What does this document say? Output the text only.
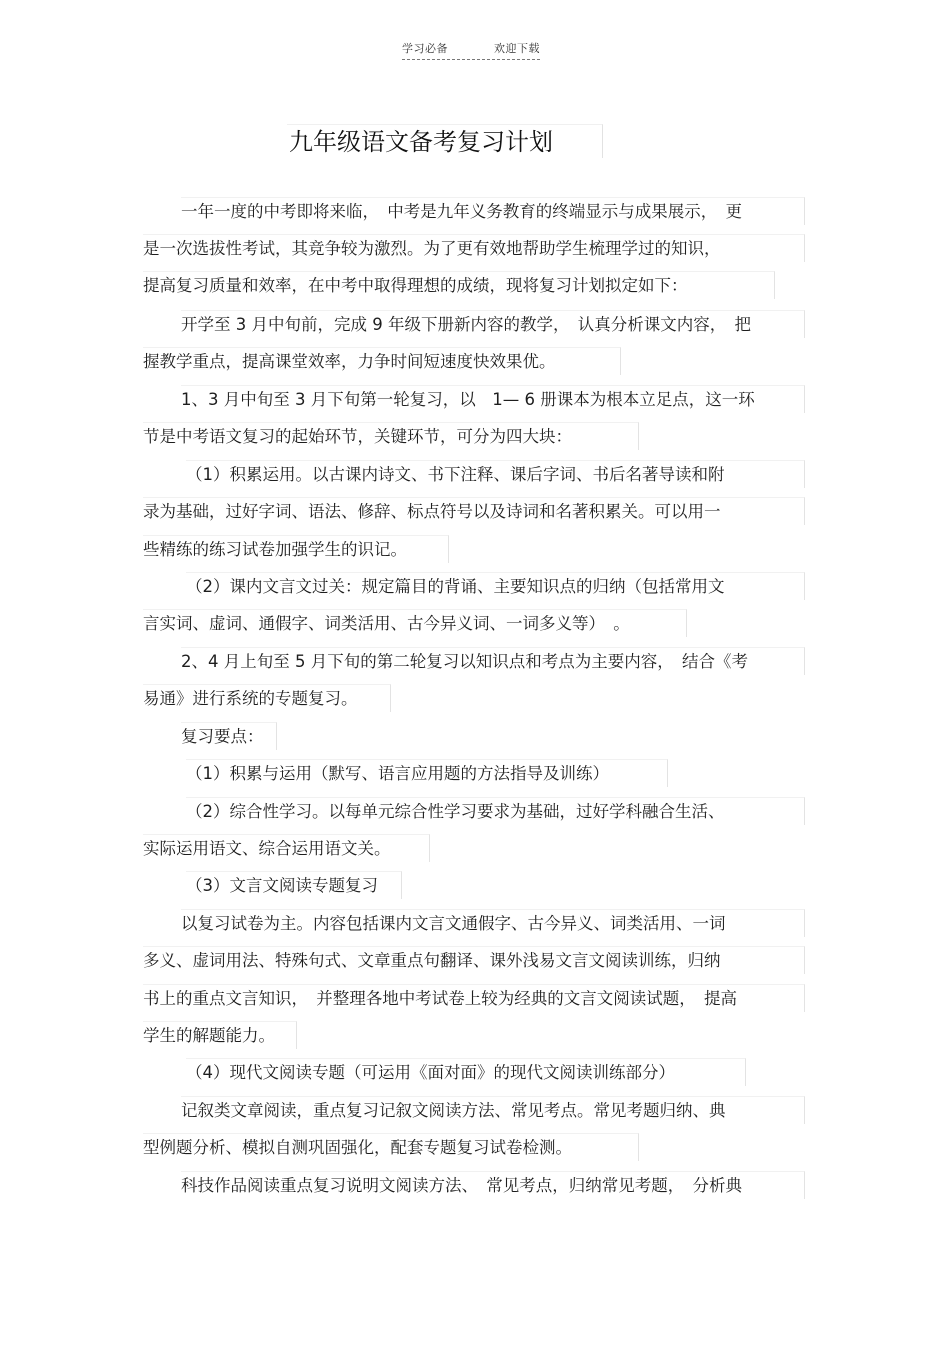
学习必备	欢迎下载
九年级语文备考复习计划
一年一度的中考即将来临，　中考是九年义务教育的终端显示与成果展示，　更
是一次选拔性考试，其竞争较为激烈。为了更有效地帮助学生梳理学过的知识，
提高复习质量和效率，在中考中取得理想的成绩，现将复习计划拟定如下：
开学至 3 月中旬前，完成 9 年级下册新内容的教学，　认真分析课文内容，　把
握教学重点，提高课堂效率，力争时间短速度快效果优。
1、3 月中旬至 3 月下旬第一轮复习，以　1— 6 册课本为根本立足点，这一环
节是中考语文复习的起始环节，关键环节，可分为四大块：
（1）积累运用。以古课内诗文、书下注释、课后字词、书后名著导读和附
录为基础，过好字词、语法、修辞、标点符号以及诗词和名著积累关。可以用一
些精练的练习试卷加强学生的识记。
（2）课内文言文过关：规定篇目的背诵、主要知识点的归纳（包括常用文
言实词、虚词、通假字、词类活用、古今异义词、一词多义等）　。
2、4 月上旬至 5 月下旬的第二轮复习以知识点和考点为主要内容，　结合《考
易通》进行系统的专题复习。
复习要点：
（1）积累与运用（默写、语言应用题的方法指导及训练）
（2）综合性学习。以每单元综合性学习要求为基础，过好学科融合生活、
实际运用语文、综合运用语文关。
（3）文言文阅读专题复习
以复习试卷为主。内容包括课内文言文通假字、古今异义、词类活用、一词
多义、虚词用法、特殊句式、文章重点句翻译、课外浅易文言文阅读训练，归纳
书上的重点文言知识，　并整理各地中考试卷上较为经典的文言文阅读试题，　提高
学生的解题能力。
（4）现代文阅读专题（可运用《面对面》的现代文阅读训练部分）
记叙类文章阅读，重点复习记叙文阅读方法、常见考点。常见考题归纳、典
型例题分析、模拟自测巩固强化，配套专题复习试卷检测。
科技作品阅读重点复习说明文阅读方法、　常见考点，归纳常见考题，　分析典
